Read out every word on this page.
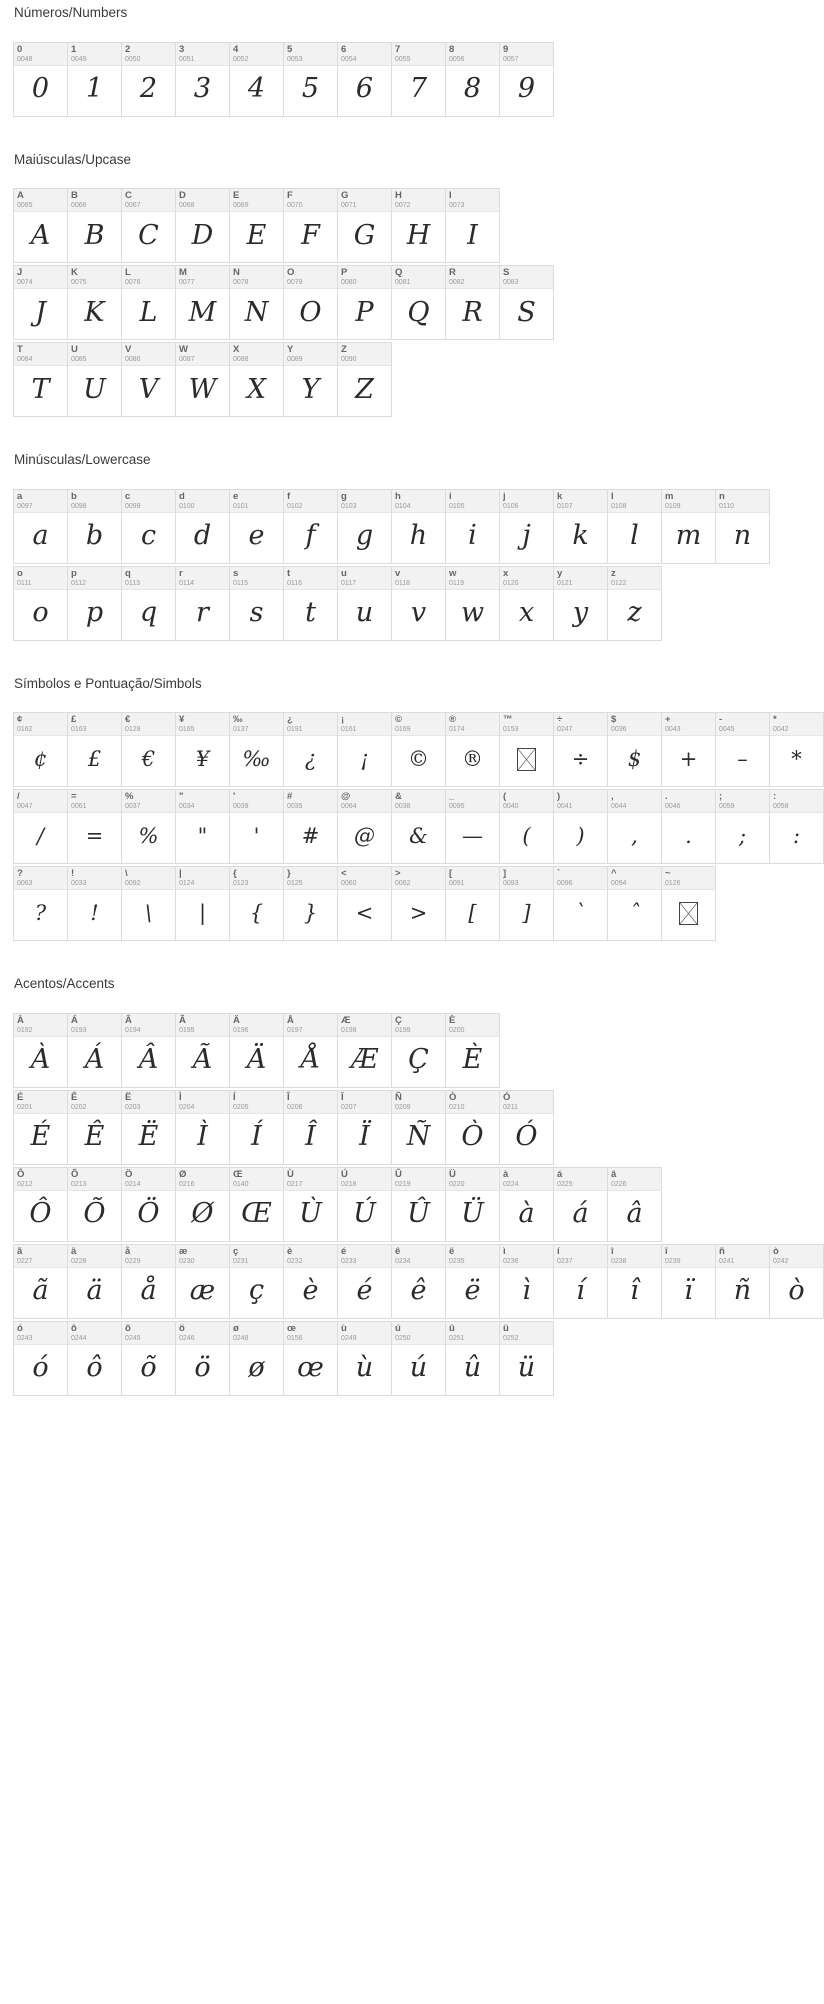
Números/Numbers
0
0048
0
1
0049
1
2
0050
2
3
0051
3
4
0052
4
5
0053
5
6
0054
6
7
0055
7
8
0056
8
9
0057
9
Maiúsculas/Upcase
A
0065
A
B
0066
B
C
0067
C
D
0068
D
E
0069
E
F
0070
F
G
0071
G
H
0072
H
I
0073
I
J
0074
J
K
0075
K
L
0076
L
M
0077
M
N
0078
N
O
0079
O
P
0080
P
Q
0081
Q
R
0082
R
S
0083
S
T
0084
T
U
0085
U
V
0086
V
W
0087
W
X
0088
X
Y
0089
Y
Z
0090
Z
Minúsculas/Lowercase
a
0097
a
b
0098
b
c
0099
c
d
0100
d
e
0101
e
f
0102
f
g
0103
g
h
0104
h
i
0105
i
j
0106
j
k
0107
k
l
0108
l
m
0109
m
n
0110
n
o
0111
o
p
0112
p
q
0113
q
r
0114
r
s
0115
s
t
0116
t
u
0117
u
v
0118
v
w
0119
w
x
0120
x
y
0121
y
z
0122
z
Símbolos e Pontuação/Simbols
¢
0162
¢
£
0163
£
€
0128
€
¥
0165
¥
‰
0137
‰
¿
0191
¿
¡
0161
¡
©
0169
©
®
0174
®
™
0153
÷
0247
÷
$
0036
$
+
0043
+
-
0045
–
*
0042
*
/
0047
/
=
0061
=
%
0037
%
"
0034
"
'
0039
'
#
0035
#
@
0064
@
&
0038
&
_
0095
—
(
0040
(
)
0041
)
,
0044
,
.
0046
.
;
0059
;
:
0058
:
?
0063
?
!
0033
!
\
0092
\
|
0124
|
{
0123
{
}
0125
}
<
0060
<
>
0062
>
[
0091
[
]
0093
]
`
0096
`
^
0094
ˆ
~
0126
Acentos/Accents
À
0192
À
Á
0193
Á
Â
0194
Â
Ã
0195
Ã
Ä
0196
Ä
Å
0197
Å
Æ
0198
Æ
Ç
0199
Ç
È
0200
È
É
0201
É
Ê
0202
Ê
Ë
0203
Ë
Ì
0204
Ì
Í
0205
Í
Î
0206
Î
Ï
0207
Ï
Ñ
0209
Ñ
Ò
0210
Ò
Ó
0211
Ó
Ô
0212
Ô
Õ
0213
Õ
Ö
0214
Ö
Ø
0216
Ø
Œ
0140
Œ
Ù
0217
Ù
Ú
0218
Ú
Û
0219
Û
Ü
0220
Ü
à
0224
à
á
0225
á
â
0226
â
ã
0227
ã
ä
0228
ä
å
0229
å
æ
0230
æ
ç
0231
ç
è
0232
è
é
0233
é
ê
0234
ê
ë
0235
ë
ì
0236
ì
í
0237
í
î
0238
î
ï
0239
ï
ñ
0241
ñ
ò
0242
ò
ó
0243
ó
ô
0244
ô
õ
0245
õ
ö
0246
ö
ø
0248
ø
œ
0156
œ
ù
0249
ù
ú
0250
ú
û
0251
û
ü
0252
ü
